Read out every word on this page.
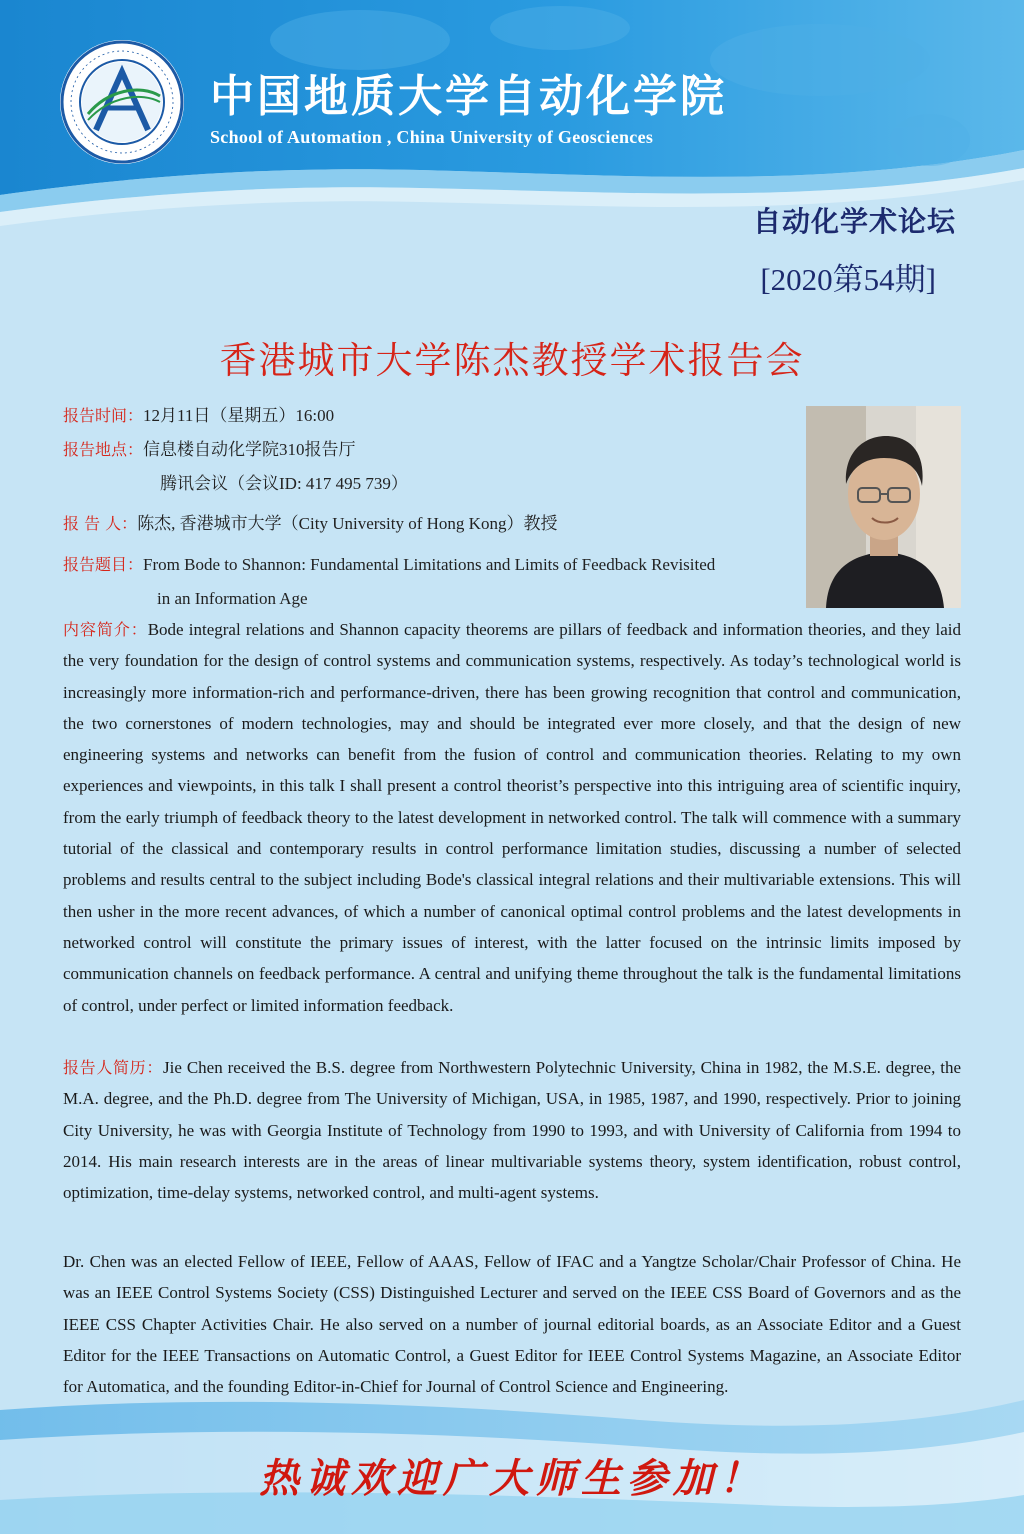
中国地质大学自动化学院
School of Automation , China University of Geosciences
自动化学术论坛
[2020第54期]
香港城市大学陈杰教授学术报告会
报告时间：12月11日（星期五）16:00
报告地点：信息楼自动化学院310报告厅
腾讯会议（会议ID: 417 495 739）
报 告 人：陈杰, 香港城市大学（City University of Hong Kong）教授
报告题目：From Bode to Shannon: Fundamental Limitations and Limits of Feedback Revisited
in an Information Age
内容简介：Bode integral relations and Shannon capacity theorems are pillars of feedback and information theories, and they laid the very foundation for the design of control systems and communication systems, respectively. As today’s technological world is increasingly more information-rich and performance-driven, there has been growing recognition that control and communication, the two cornerstones of modern technologies, may and should be integrated ever more closely, and that the design of new engineering systems and networks can benefit from the fusion of control and communication theories. Relating to my own experiences and viewpoints, in this talk I shall present a control theorist’s perspective into this intriguing area of scientific inquiry, from the early triumph of feedback theory to the latest development in networked control. The talk will commence with a summary tutorial of the classical and contemporary results in control performance limitation studies, discussing a number of selected problems and results central to the subject including Bode's classical integral relations and their multivariable extensions. This will then usher in the more recent advances, of which a number of canonical optimal control problems and the latest developments in networked control will constitute the primary issues of interest, with the latter focused on the intrinsic limits imposed by communication channels on feedback performance. A central and unifying theme throughout the talk is the fundamental limitations of control, under perfect or limited information feedback.
报告人简历：Jie Chen received the B.S. degree from Northwestern Polytechnic University, China in 1982, the M.S.E. degree, the M.A. degree, and the Ph.D. degree from The University of Michigan, USA, in 1985, 1987, and 1990, respectively. Prior to joining City University, he was with Georgia Institute of Technology from 1990 to 1993, and with University of California from 1994 to 2014. His main research interests are in the areas of linear multivariable systems theory, system identification, robust control, optimization, time-delay systems, networked control, and multi-agent systems.
Dr. Chen was an elected Fellow of IEEE, Fellow of AAAS, Fellow of IFAC and a Yangtze Scholar/Chair Professor of China. He was an IEEE Control Systems Society (CSS) Distinguished Lecturer and served on the IEEE CSS Board of Governors and as the IEEE CSS Chapter Activities Chair. He also served on a number of journal editorial boards, as an Associate Editor and a Guest Editor for the IEEE Transactions on Automatic Control, a Guest Editor for IEEE Control Systems Magazine, an Associate Editor for Automatica, and the founding Editor-in-Chief for Journal of Control Science and Engineering.
热诚欢迎广大师生参加！
